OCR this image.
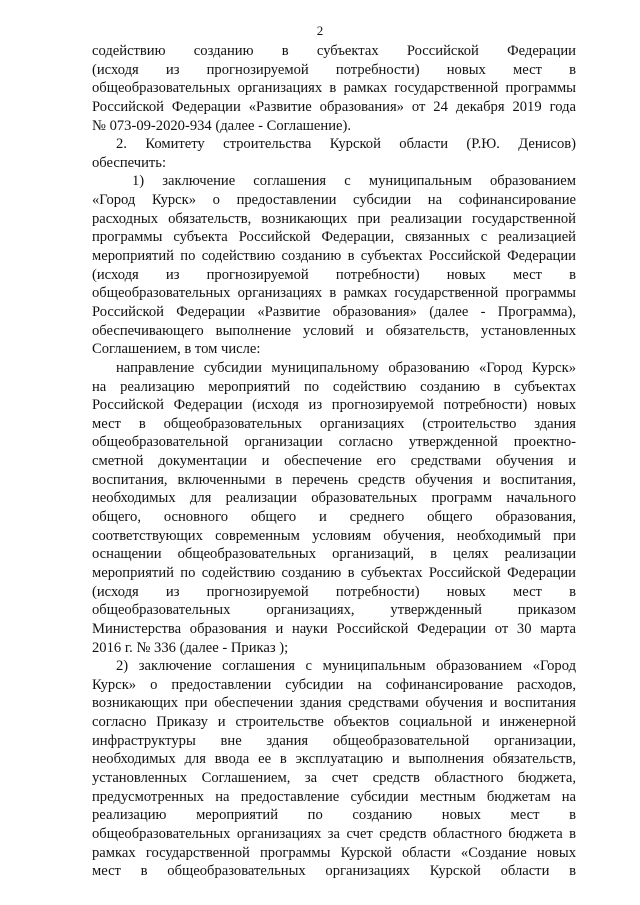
2
содействию созданию в субъектах Российской Федерации
(исходя из прогнозируемой потребности) новых мест в
общеобразовательных организациях в рамках государственной программы
Российской Федерации «Развитие образования» от 24 декабря 2019 года
№ 073-09-2020-934 (далее - Соглашение).
2. Комитету строительства Курской области (Р.Ю. Денисов)
обеспечить:
1) заключение соглашения с муниципальным образованием
«Город Курск» о предоставлении субсидии на софинансирование
расходных обязательств, возникающих при реализации государственной
программы субъекта Российской Федерации, связанных с реализацией
мероприятий по содействию созданию в субъектах Российской Федерации
(исходя из прогнозируемой потребности) новых мест в
общеобразовательных организациях в рамках государственной программы
Российской Федерации «Развитие образования» (далее - Программа),
обеспечивающего выполнение условий и обязательств, установленных
Соглашением, в том числе:
направление субсидии муниципальному образованию «Город Курск»
на реализацию мероприятий по содействию созданию в субъектах
Российской Федерации (исходя из прогнозируемой потребности) новых
мест в общеобразовательных организациях (строительство здания
общеобразовательной организации согласно утвержденной проектно-
сметной документации и обеспечение его средствами обучения и
воспитания, включенными в перечень средств обучения и воспитания,
необходимых для реализации образовательных программ начального
общего, основного общего и среднего общего образования,
соответствующих современным условиям обучения, необходимый при
оснащении общеобразовательных организаций, в целях реализации
мероприятий по содействию созданию в субъектах Российской Федерации
(исходя из прогнозируемой потребности) новых мест в
общеобразовательных организациях, утвержденный приказом
Министерства образования и науки Российской Федерации от 30 марта
2016 г. № 336 (далее - Приказ );
2) заключение соглашения с муниципальным образованием «Город
Курск» о предоставлении субсидии на софинансирование расходов,
возникающих при обеспечении здания средствами обучения и воспитания
согласно Приказу и строительстве объектов социальной и инженерной
инфраструктуры вне здания общеобразовательной организации,
необходимых для ввода ее в эксплуатацию и выполнения обязательств,
установленных Соглашением, за счет средств областного бюджета,
предусмотренных на предоставление субсидии местным бюджетам на
реализацию мероприятий по созданию новых мест в
общеобразовательных организациях за счет средств областного бюджета в
рамках государственной программы Курской области «Создание новых
мест в общеобразовательных организациях Курской области в
